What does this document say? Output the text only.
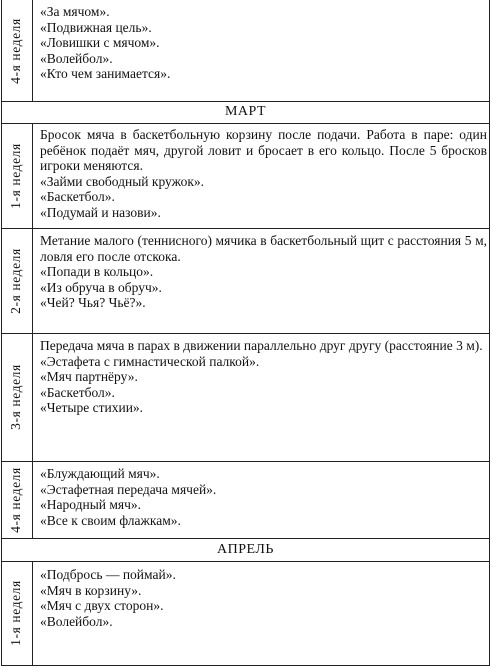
4-я неделя
«За мячом».
«Подвижная цель».
«Ловишки с мячом».
«Волейбол».
«Кто чем занимается».
МАРТ
1-я неделя
Бросок мяча в баскетбольную корзину после подачи. Работа в паре: один ребёнок подаёт мяч, другой ловит и бросает в его кольцо. После 5 бросков игроки меняются.
«Займи свободный кружок».
«Баскетбол».
«Подумай и назови».
2-я неделя
Метание малого (теннисного) мячика в баскетбольный щит с расстояния 5 м, ловля его после отскока.
«Попади в кольцо».
«Из обруча в обруч».
«Чей? Чья? Чьё?».
3-я неделя
Передача мяча в парах в движении параллельно друг другу (расстояние 3 м).
«Эстафета с гимнастической палкой».
«Мяч партнёру».
«Баскетбол».
«Четыре стихии».
4-я неделя «Блуждающий мяч».
«Эстафетная передача мячей».
«Народный мяч».
«Все к своим флажкам».
АПРЕЛЬ
1-я неделя
«Подбрось — поймай».
«Мяч в корзину».
«Мяч с двух сторон».
«Волейбол».
